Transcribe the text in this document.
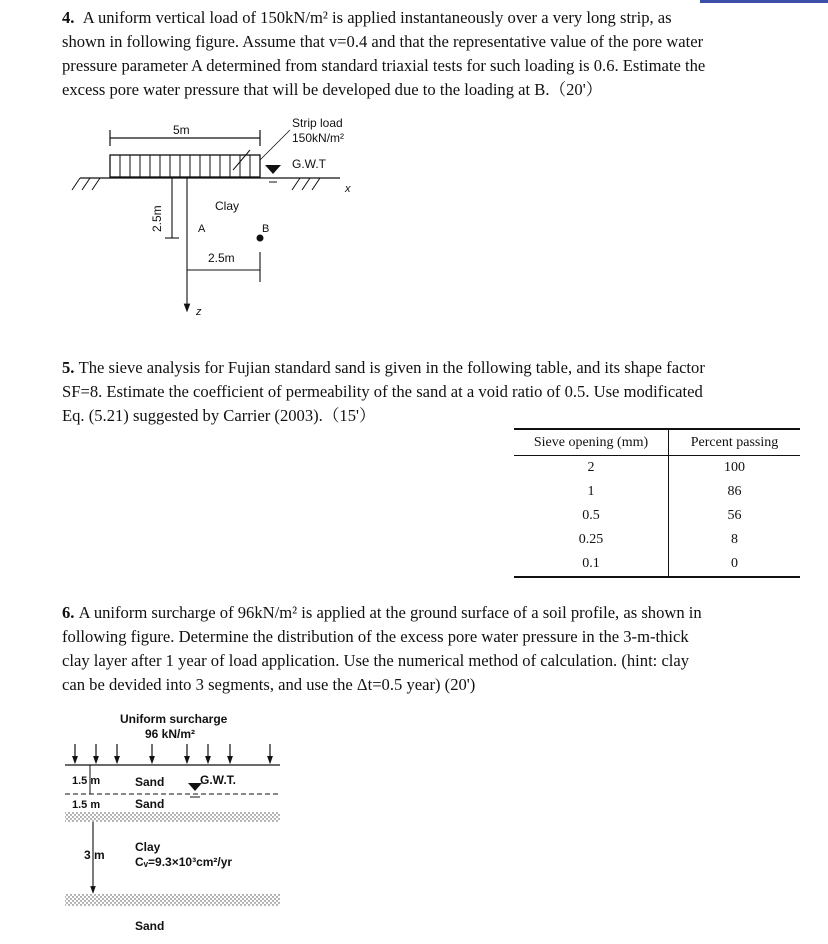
4. A uniform vertical load of 150kN/m² is applied instantaneously over a very long strip, as
shown in following figure. Assume that v=0.4 and that the representative value of the pore water
pressure parameter A determined from standard triaxial tests for such loading is 0.6. Estimate the
excess pore water pressure that will be developed due to the loading at B.（20'）
5m	Strip load
150kN/m²
G.W.T
x
2.5m	Clay
A	B
z
2.5m
5. The sieve analysis for Fujian standard sand is given in the following table, and its shape factor
SF=8. Estimate the coefficient of permeability of the sand at a void ratio of 0.5. Use modificated
Eq. (5.21) suggested by Carrier (2003).（15'）
Sieve opening (mm)	Percent passing
2	100
1	86
0.5	56
0.25	8
0.1	0
6. A uniform surcharge of 96kN/m² is applied at the ground surface of a soil profile, as shown in
following figure. Determine the distribution of the excess pore water pressure in the 3-m-thick
clay layer after 1 year of load application. Use the numerical method of calculation. (hint: clay
can be devided into 3 segments, and use the Δt=0.5 year) (20')
Uniform surcharge
96 kN/m²
1.5 m	Sand	G.W.T.
1.5 m	Sand
3 m
Clay
Cᵥ=9.3×10³cm²/yr
Sand
